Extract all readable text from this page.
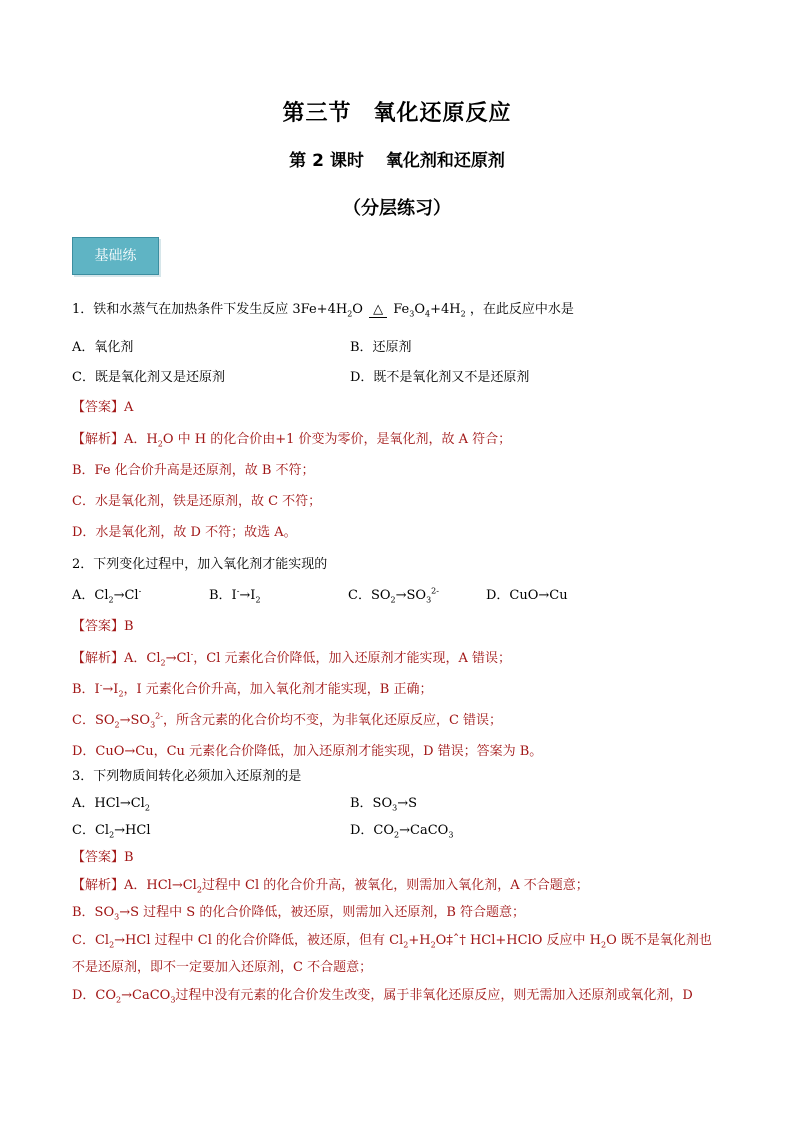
第三节 氧化还原反应
第 2 课时 氧化剂和还原剂
（分层练习）
基础练
1．铁和水蒸气在加热条件下发生反应 $3Fe+4H_2O$ △ $Fe_3O_4+4H_2$ ，在此反应中水是
A．氧化剂	B．还原剂
C．既是氧化剂又是还原剂	D．既不是氧化剂又不是还原剂
【答案】A
【解析】A．$H_2O$ 中 H 的化合价由+1 价变为零价，是氧化剂，故 A 符合；
B．Fe 化合价升高是还原剂，故 B 不符；
C．水是氧化剂，铁是还原剂，故 C 不符；
D．水是氧化剂，故 D 不符；故选 A。
2．下列变化过程中，加入氧化剂才能实现的
A．$Cl_2\to Cl^-$	B．$I^-\to I_2$	C．$SO_2\to SO_3^{2-}$	D．CuO→Cu
【答案】B
【解析】A．$Cl_2\to Cl^-$，Cl 元素化合价降低，加入还原剂才能实现，A 错误；
B．$I^-\to I_2$，I 元素化合价升高，加入氧化剂才能实现，B 正确；
C．$SO_2\to SO_3^{2-}$，所含元素的化合价均不变，为非氧化还原反应，C 错误；
D．CuO→Cu，Cu 元素化合价降低，加入还原剂才能实现，D 错误；答案为 B。
3．下列物质间转化必须加入还原剂的是
A．$HCl\to Cl_2$	B．$SO_3\to S$
C．$Cl_2\to HCl$	D．$CO_2\to CaCO_3$
【答案】B
【解析】A．$HCl\to Cl_2$过程中 Cl 的化合价升高，被氧化，则需加入氧化剂，A 不合题意；
B．$SO_3\to S$ 过程中 S 的化合价降低，被还原，则需加入还原剂，B 符合题意；
C．$Cl_2\to HCl$ 过程中 Cl 的化合价降低，被还原，但有 $Cl_2+H_2O\ddagger ˆ\dagger$ HCl+HClO 反应中 $H_2O$ 既不是氧化剂也
不是还原剂，即不一定要加入还原剂，C 不合题意；
D．$CO_2\to CaCO_3$过程中没有元素的化合价发生改变，属于非氧化还原反应，则无需加入还原剂或氧化剂，D
